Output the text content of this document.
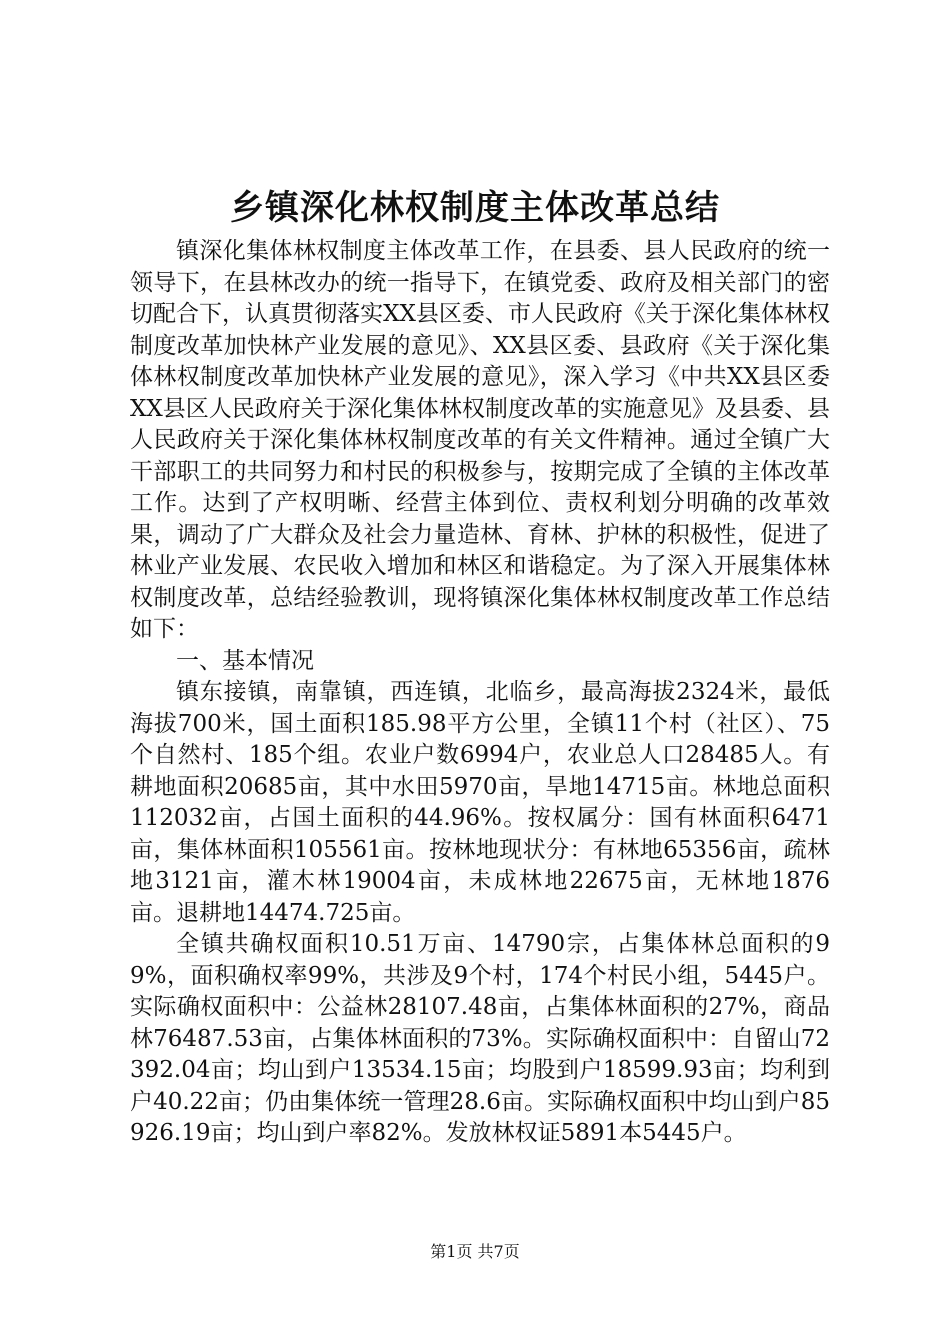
乡镇深化林权制度主体改革总结

镇深化集体林权制度主体改革工作，在县委、县人民政府的统一领导下，在县林改办的统一指导下，在镇党委、政府及相关部门的密切配合下，认真贯彻落实XX县区委、市人民政府《关于深化集体林权制度改革加快林产业发展的意见》、XX县区委、县政府《关于深化集体林权制度改革加快林产业发展的意见》，深入学习《中共XX县区委XX县区人民政府关于深化集体林权制度改革的实施意见》及县委、县人民政府关于深化集体林权制度改革的有关文件精神。通过全镇广大干部职工的共同努力和村民的积极参与，按期完成了全镇的主体改革工作。达到了产权明晰、经营主体到位、责权利划分明确的改革效果，调动了广大群众及社会力量造林、育林、护林的积极性，促进了林业产业发展、农民收入增加和林区和谐稳定。为了深入开展集体林权制度改革，总结经验教训，现将镇深化集体林权制度改革工作总结如下：

一、基本情况

镇东接镇，南靠镇，西连镇，北临乡，最高海拔2324米，最低海拔700米，国土面积185.98平方公里，全镇11个村（社区）、75个自然村、185个组。农业户数6994户，农业总人口28485人。有耕地面积20685亩，其中水田5970亩，旱地14715亩。林地总面积112032亩，占国土面积的44.96%。按权属分：国有林面积6471亩，集体林面积105561亩。按林地现状分：有林地65356亩，疏林地3121亩，灌木林19004亩，未成林地22675亩，无林地1876亩。退耕地14474.725亩。

全镇共确权面积10.51万亩、14790宗，占集体林总面积的99%，面积确权率99%，共涉及9个村，174个村民小组，5445户。实际确权面积中：公益林28107.48亩，占集体林面积的27%，商品林76487.53亩，占集体林面积的73%。实际确权面积中：自留山72392.04亩；均山到户13534.15亩；均股到户18599.93亩；均利到户40.22亩；仍由集体统一管理28.6亩。实际确权面积中均山到户85926.19亩；均山到户率82%。发放林权证5891本5445户。

第1页 共7页
